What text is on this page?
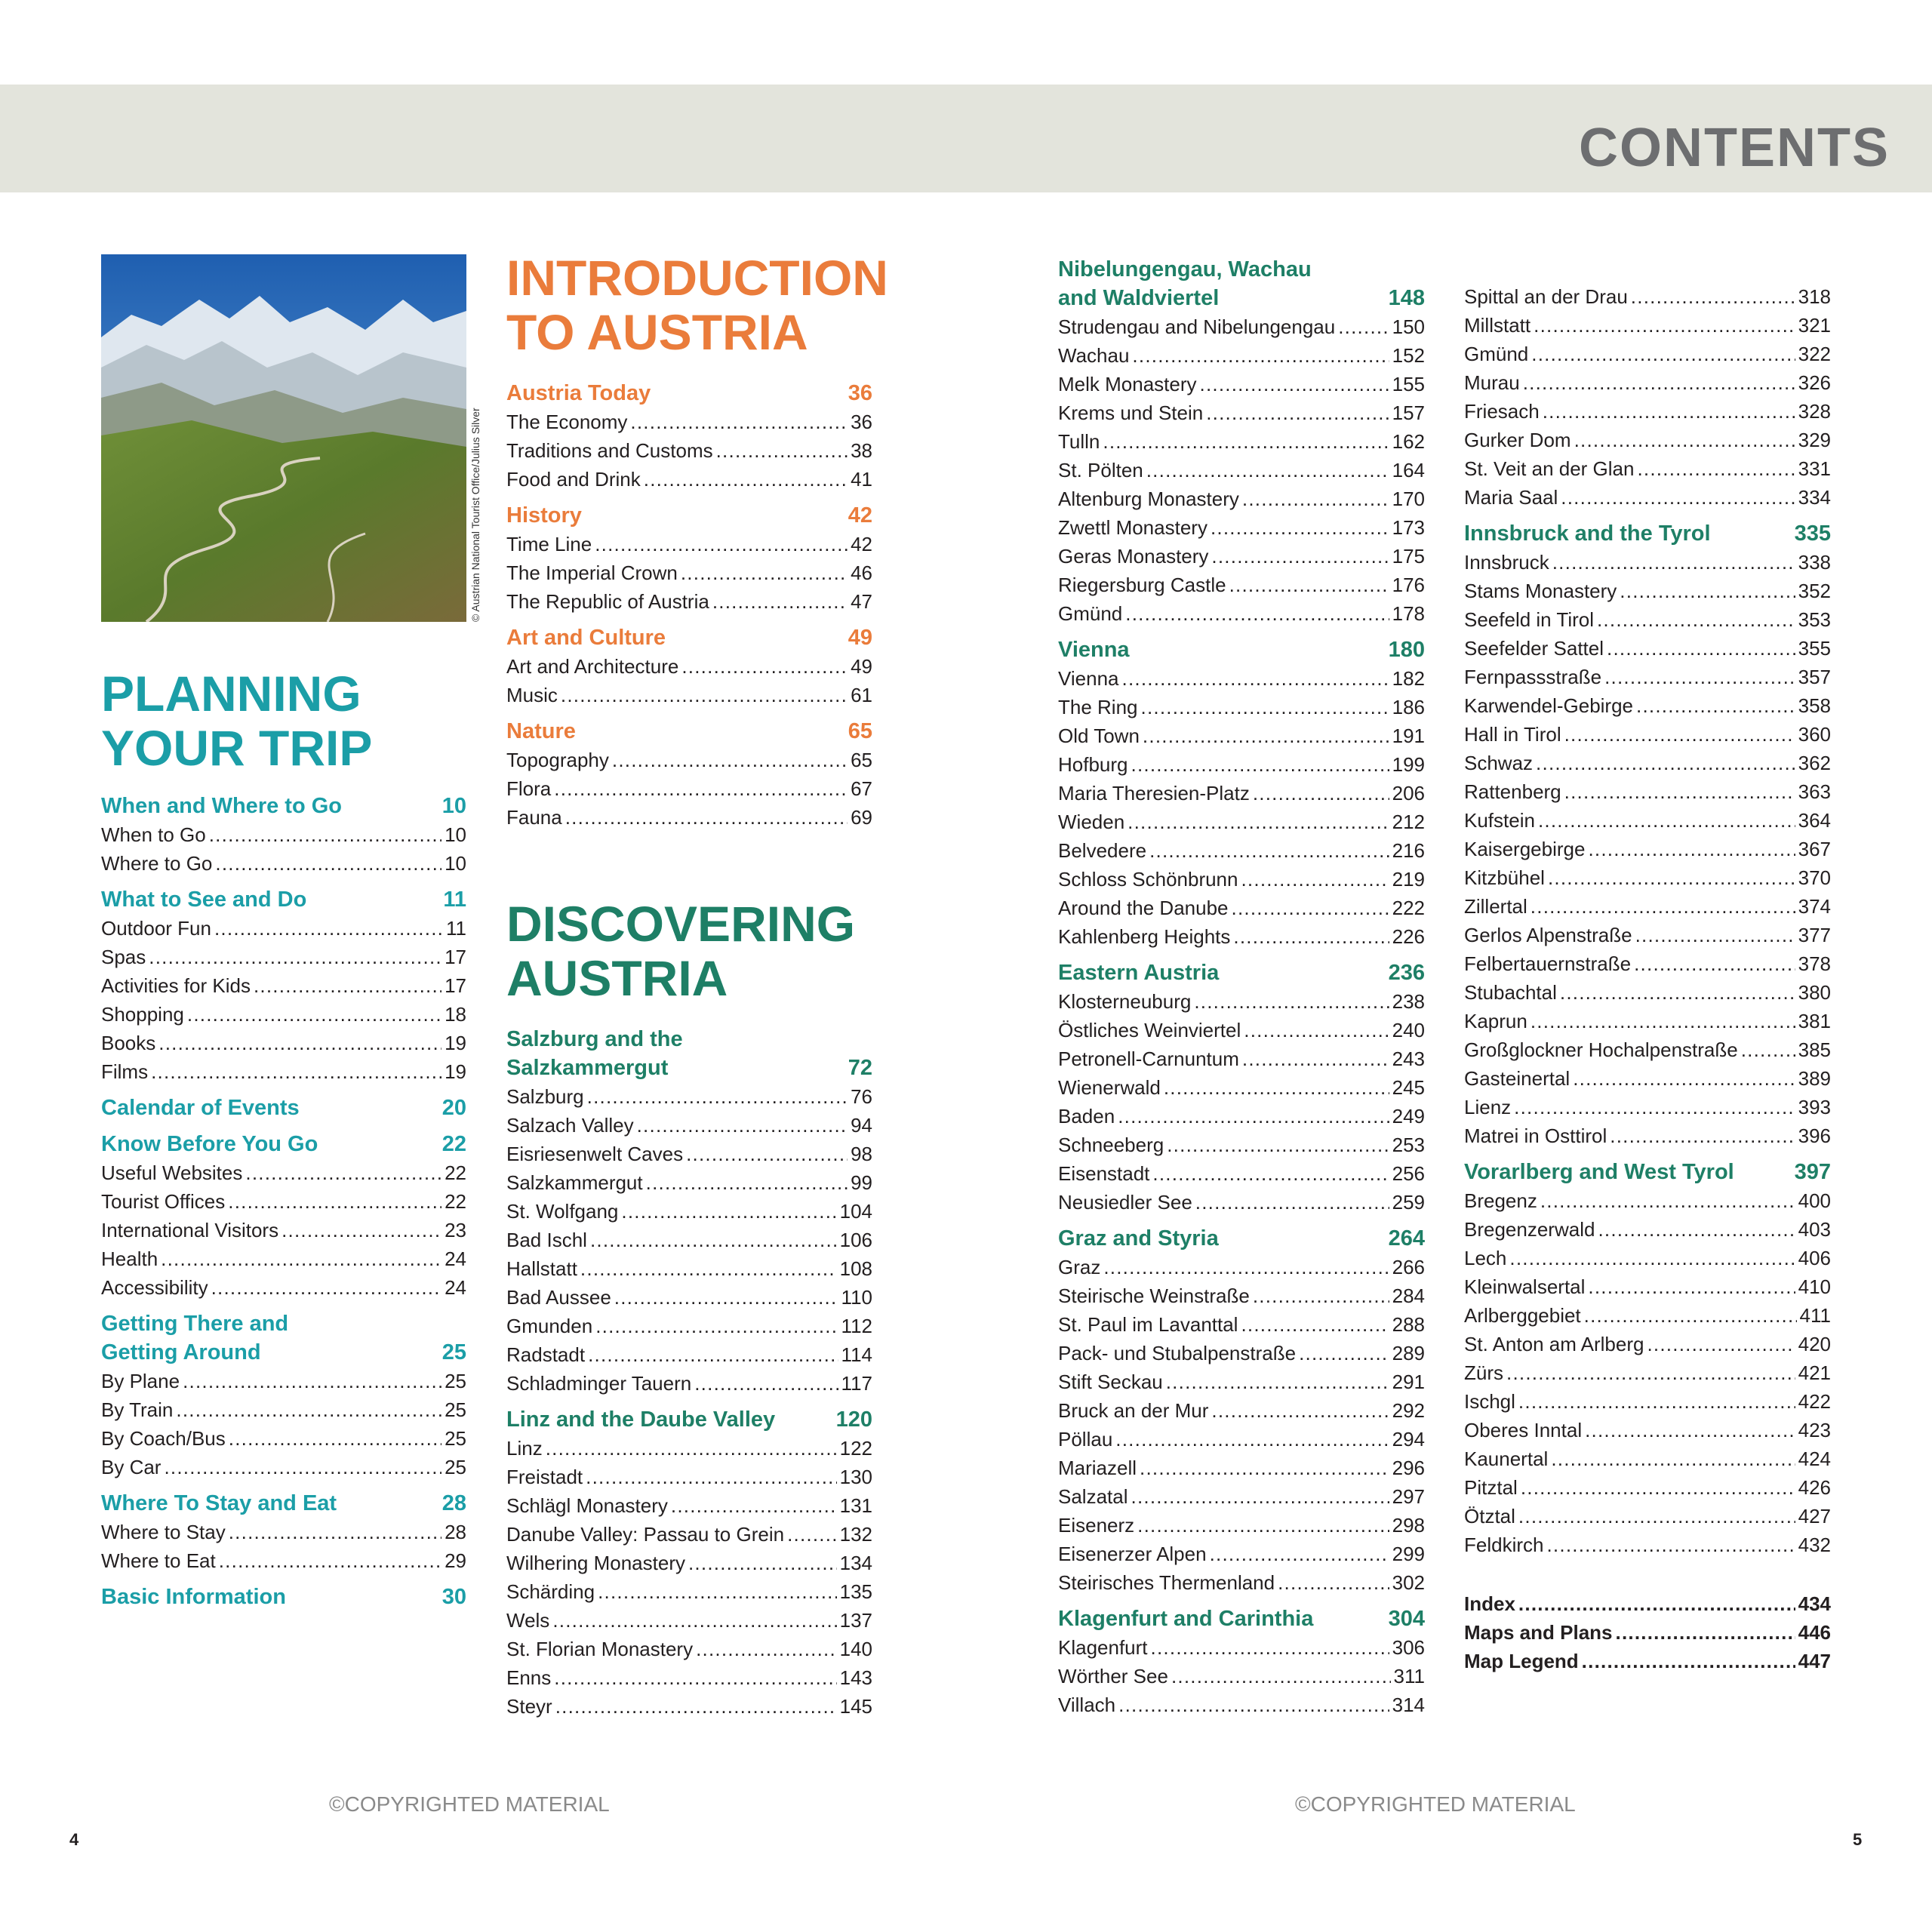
CONTENTS
© Austrian National Tourist Office/Julius Silver
PLANNING
YOUR TRIP
When and Where to Go	10
When to Go . . .	10
Where to Go . . .	10
What to See and Do	11
Outdoor Fun . . .	11
Spas . . .	17
Activities for Kids . . .	17
Shopping . . .	18
Books . . .	19
Films . . .	19
Calendar of Events	20
Know Before You Go	22
Useful Websites . . .	22
Tourist Offices . . .	22
International Visitors . . .	23
Health . . .	24
Accessibility . . .	24
Getting There and
Getting Around	25
By Plane . . .	25
By Train . . .	25
By Coach/Bus . . .	25
By Car . . .	25
Where To Stay and Eat	28
Where to Stay . . .	28
Where to Eat . . .	29
Basic Information	30
INTRODUCTION
TO AUSTRIA
Austria Today	36
The Economy . . .	36
Traditions and Customs . . .	38
Food and Drink . . .	41
History	42
Time Line . . .	42
The Imperial Crown . . .	46
The Republic of Austria . . .	47
Art and Culture	49
Art and Architecture . . .	49
Music . . .	61
Nature	65
Topography . . .	65
Flora . . .	67
Fauna . . .	69
DISCOVERING
AUSTRIA
Salzburg and the
Salzkammergut	72
Salzburg . . .	76
Salzach Valley . . .	94
Eisriesenwelt Caves . . .	98
Salzkammergut . . .	99
St. Wolfgang . . .	104
Bad Ischl . . .	106
Hallstatt . . .	108
Bad Aussee . . .	110
Gmunden . . .	112
Radstadt . . .	114
Schladminger Tauern . . .	117
Linz and the Daube Valley	120
Linz . . .	122
Freistadt . . .	130
Schlägl Monastery . . .	131
Danube Valley: Passau to Grein . . .	132
Wilhering Monastery . . .	134
Schärding . . .	135
Wels . . .	137
St. Florian Monastery . . .	140
Enns . . .	143
Steyr . . .	145
Nibelungengau, Wachau
and Waldviertel	148
Strudengau and Nibelungengau . . .	150
Wachau . . .	152
Melk Monastery . . .	155
Krems und Stein . . .	157
Tulln . . .	162
St. Pölten . . .	164
Altenburg Monastery . . .	170
Zwettl Monastery . . .	173
Geras Monastery . . .	175
Riegersburg Castle . . .	176
Gmünd . . .	178
Vienna	180
Vienna . . .	182
The Ring . . .	186
Old Town . . .	191
Hofburg . . .	199
Maria Theresien-Platz . . .	206
Wieden . . .	212
Belvedere . . .	216
Schloss Schönbrunn . . .	219
Around the Danube . . .	222
Kahlenberg Heights . . .	226
Eastern Austria	236
Klosterneuburg . . .	238
Östliches Weinviertel . . .	240
Petronell-Carnuntum . . .	243
Wienerwald . . .	245
Baden . . .	249
Schneeberg . . .	253
Eisenstadt . . .	256
Neusiedler See . . .	259
Graz and Styria	264
Graz . . .	266
Steirische Weinstraße . . .	284
St. Paul im Lavanttal . . .	288
Pack- und Stubalpenstraße . . .	289
Stift Seckau . . .	291
Bruck an der Mur . . .	292
Pöllau . . .	294
Mariazell . . .	296
Salzatal . . .	297
Eisenerz . . .	298
Eisenerzer Alpen . . .	299
Steirisches Thermenland . . .	302
Klagenfurt and Carinthia	304
Klagenfurt . . .	306
Wörther See . . .	311
Villach . . .	314
Spittal an der Drau . . .	318
Millstatt . . .	321
Gmünd . . .	322
Murau . . .	326
Friesach . . .	328
Gurker Dom . . .	329
St. Veit an der Glan . . .	331
Maria Saal . . .	334
Innsbruck and the Tyrol	335
Innsbruck . . .	338
Stams Monastery . . .	352
Seefeld in Tirol . . .	353
Seefelder Sattel . . .	355
Fernpassstraße . . .	357
Karwendel-Gebirge . . .	358
Hall in Tirol . . .	360
Schwaz . . .	362
Rattenberg . . .	363
Kufstein . . .	364
Kaisergebirge . . .	367
Kitzbühel . . .	370
Zillertal . . .	374
Gerlos Alpenstraße . . .	377
Felbertauernstraße . . .	378
Stubachtal . . .	380
Kaprun . . .	381
Großglockner Hochalpenstraße . . .	385
Gasteinertal . . .	389
Lienz . . .	393
Matrei in Osttirol . . .	396
Vorarlberg and West Tyrol	397
Bregenz . . .	400
Bregenzerwald . . .	403
Lech . . .	406
Kleinwalsertal . . .	410
Arlberggebiet . . .	411
St. Anton am Arlberg . . .	420
Zürs . . .	421
Ischgl . . .	422
Oberes Inntal . . .	423
Kaunertal . . .	424
Pitztal . . .	426
Ötztal . . .	427
Feldkirch . . .	432
Index . . .	434
Maps and Plans . . .	446
Map Legend . . .	447
©COPYRIGHTED MATERIAL	©COPYRIGHTED MATERIAL
4	5
